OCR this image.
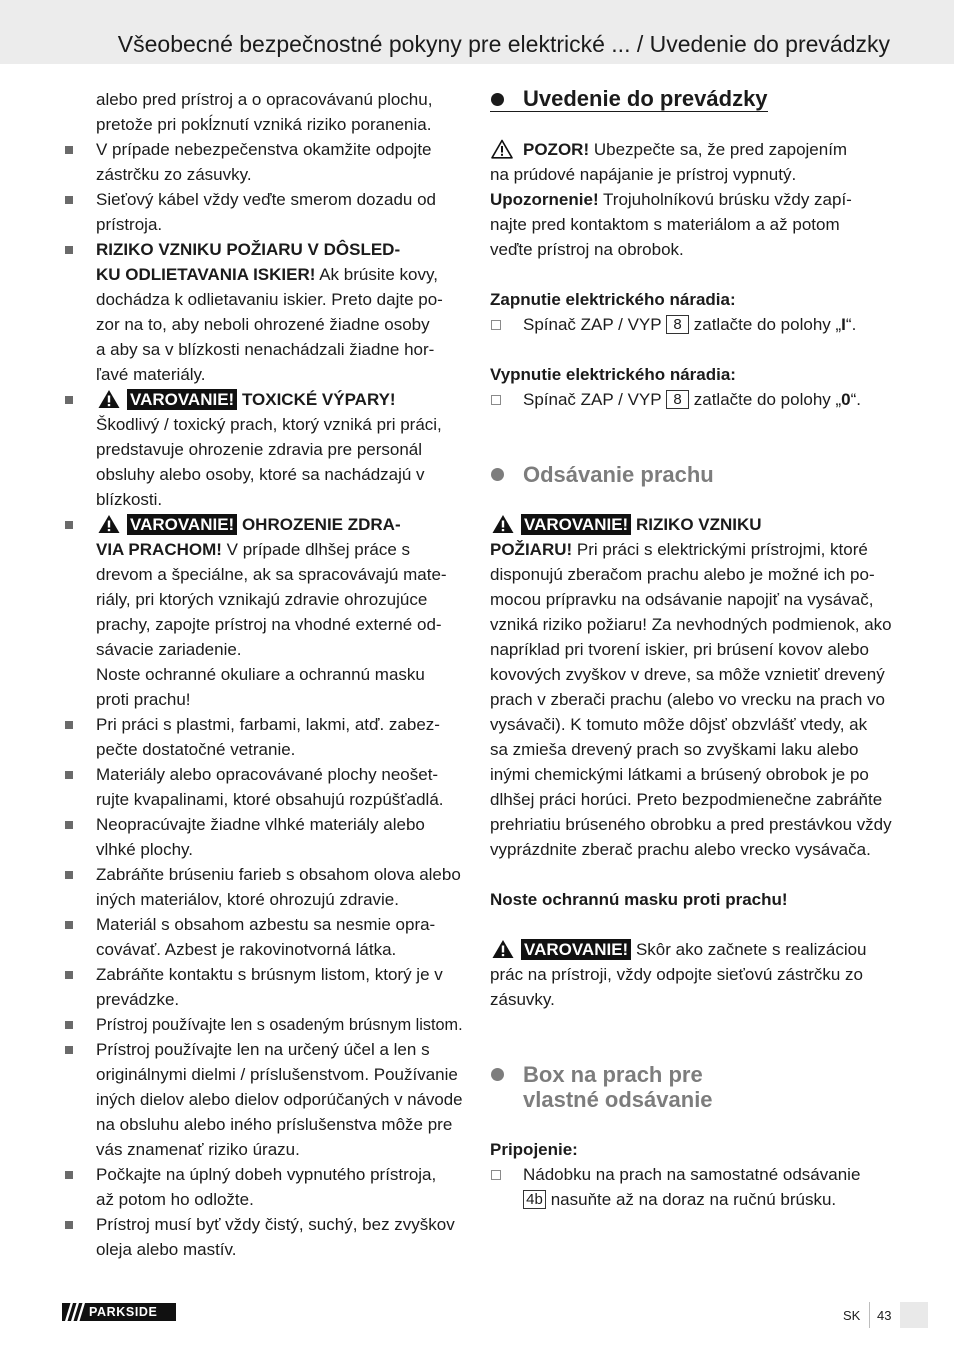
Všeobecné bezpečnostné pokyny pre elektrické ... / Uvedenie do prevádzky
alebo pred prístroj a o opracovávanú plochu,
pretože pri pokĺznutí vzniká riziko poranenia.
V prípade nebezpečenstva okamžite odpojte
zástrčku zo zásuvky.
Sieťový kábel vždy veďte smerom dozadu od
prístroja.
RIZIKO VZNIKU POŽIARU V DÔSLED-
KU ODLIETAVANIA ISKIER! Ak brúsite kovy,
dochádza k odlietavaniu iskier. Preto dajte po-
zor na to, aby neboli ohrozené žiadne osoby
a aby sa v blízkosti nenachádzali žiadne hor-
ľavé materiály.
VAROVANIE! TOXICKÉ VÝPARY!
Škodlivý / toxický prach, ktorý vzniká pri práci,
predstavuje ohrozenie zdravia pre personál
obsluhy alebo osoby, ktoré sa nachádzajú v
blízkosti.
VAROVANIE! OHROZENIE ZDRA-
VIA PRACHOM! V prípade dlhšej práce s
drevom a špeciálne, ak sa spracovávajú mate-
riály, pri ktorých vznikajú zdravie ohrozujúce
prachy, zapojte prístroj na vhodné externé od-
sávacie zariadenie.
Noste ochranné okuliare a ochrannú masku
proti prachu!
Pri práci s plastmi, farbami, lakmi, atď. zabez-
pečte dostatočné vetranie.
Materiály alebo opracovávané plochy neošet-
rujte kvapalinami, ktoré obsahujú rozpúšťadlá.
Neopracúvajte žiadne vlhké materiály alebo
vlhké plochy.
Zabráňte brúseniu farieb s obsahom olova alebo
iných materiálov, ktoré ohrozujú zdravie.
Materiál s obsahom azbestu sa nesmie opra-
covávať. Azbest je rakovinotvorná látka.
Zabráňte kontaktu s brúsnym listom, ktorý je v
prevádzke.
Prístroj používajte len s osadeným brúsnym listom.
Prístroj používajte len na určený účel a len s
originálnymi dielmi / príslušenstvom. Používanie
iných dielov alebo dielov odporúčaných v návode
na obsluhu alebo iného príslušenstva môže pre
vás znamenať riziko úrazu.
Počkajte na úplný dobeh vypnutého prístroja,
až potom ho odložte.
Prístroj musí byť vždy čistý, suchý, bez zvyškov
oleja alebo mastív.
Uvedenie do prevádzky
POZOR! Ubezpečte sa, že pred zapojením
na prúdové napájanie je prístroj vypnutý.
Upozornenie! Trojuholníkovú brúsku vždy zapí-
najte pred kontaktom s materiálom a až potom
veďte prístroj na obrobok.
Zapnutie elektrického náradia:
Spínač ZAP / VYP 8 zatlačte do polohy „I“.
Vypnutie elektrického náradia:
Spínač ZAP / VYP 8 zatlačte do polohy „0“.
Odsávanie prachu
VAROVANIE! RIZIKO VZNIKU
POŽIARU! Pri práci s elektrickými prístrojmi, ktoré
disponujú zberačom prachu alebo je možné ich po-
mocou prípravku na odsávanie napojiť na vysávač,
vzniká riziko požiaru! Za nevhodných podmienok, ako
napríklad pri tvorení iskier, pri brúsení kovov alebo
kovových zvyškov v dreve, sa môže vznietiť drevený
prach v zberači prachu (alebo vo vrecku na prach vo
vysávači). K tomuto môže dôjsť obzvlášť vtedy, ak
sa zmieša drevený prach so zvyškami laku alebo
inými chemickými látkami a brúsený obrobok je po
dlhšej práci horúci. Preto bezpodmienečne zabráňte
prehriatiu brúseného obrobku a pred prestávkou vždy
vyprázdnite zberač prachu alebo vrecko vysávača.
Noste ochrannú masku proti prachu!
VAROVANIE! Skôr ako začnete s realizáciou
prác na prístroji, vždy odpojte sieťovú zástrčku zo
zásuvky.
Box na prach pre
vlastné odsávanie
Pripojenie:
Nádobku na prach na samostatné odsávanie
4b nasuňte až na doraz na ručnú brúsku.
PARKSIDE	SK 43
